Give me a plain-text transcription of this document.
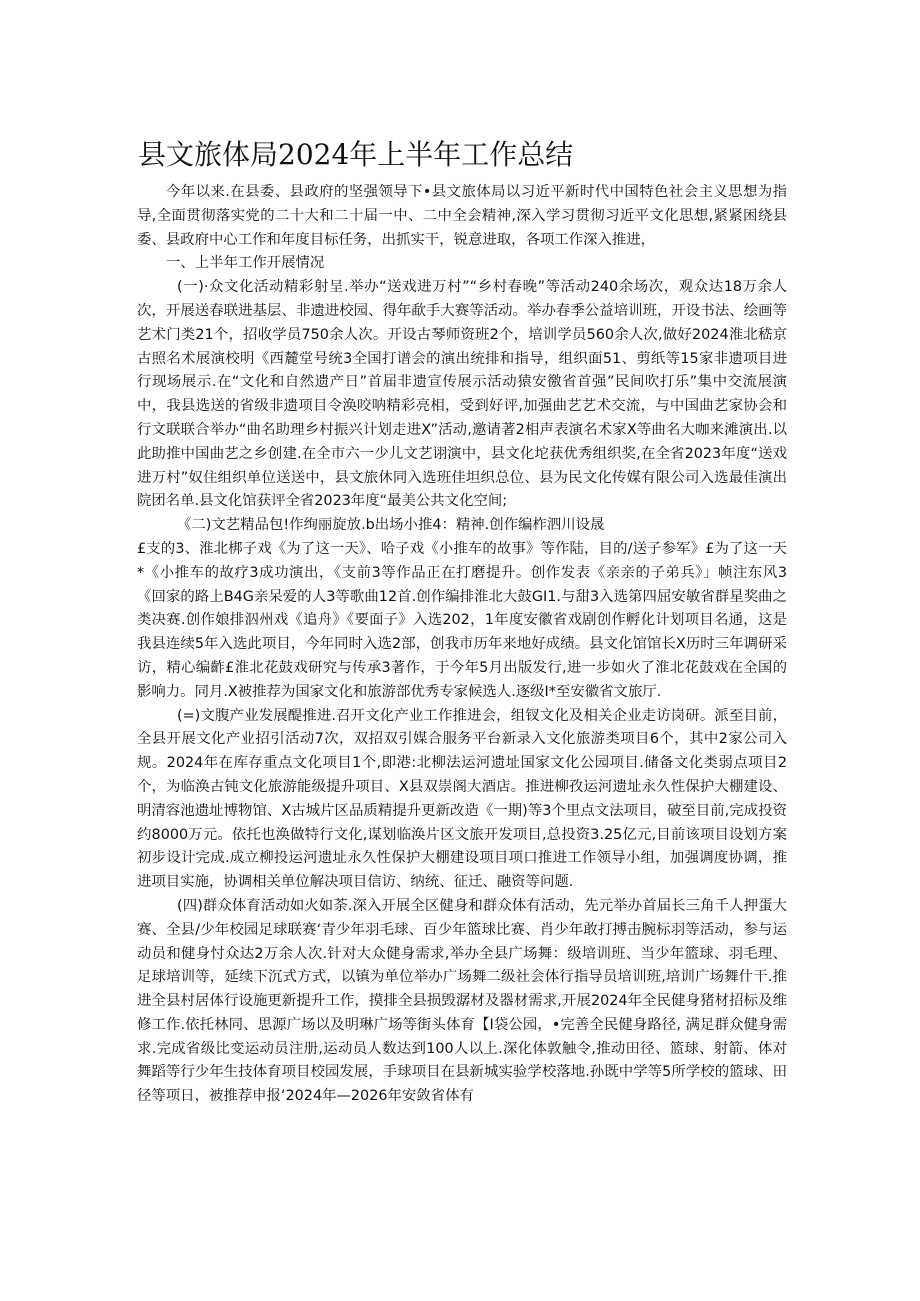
县文旅体局2024年上半年工作总结

今年以来.在县委、县政府的坚强领导下•县文旅体局以习近平新时代中国特色社会主义思想为指导,全面贯彻落实党的二十大和二十届一中、二中全会精神,深入学习贯彻习近平文化思想,紧紧困绕县委、县政府中心工作和年度目标任务，出抓实干，锐意进取，各项工作深入推进，

一、上半年工作开展情况

(一)·众文化活动精彩射呈.举办“送戏进万村”“乡村春晚”等活动240余场次，观众达18万余人次，开展送春联进基层、非遗进校园、得年歃手大赛等活动。举办春季公益培训班，开设书法、绘画等艺术门类21个，招收学员750余人次。开设古琴师资班2个，培训学员560余人次,做好2024淮北嵇京古照名术展演校明《西麓堂号统3全国打谱会的演出统排和指导，组织面51、剪纸等15家非遗项目进行现场展示.在“文化和自然遗产日”首届非遗宣传展示活动猿安徼省首强”民间吹打乐”集中交流展演中，我县选送的省级非遗项目令涣咬呐精彩亮相，受到好评,加强曲艺艺术交流，与中国曲艺家协会和行文联联合举办“曲名助理乡村振兴计划走进X”活动,邀请著2相声表演名术家X等曲名大咖来滩演出.以此助推中国曲艺之乡创建.在全市六一少儿文艺诩演中，县文化坨获优秀组织奖,在全省2023年度“送戏进万村”奴住组织单位送送中，县文旅休同入选班佳坦织总位、县为民文化传媒有限公司入选最佳演出院团名单.县文化馆获评全省2023年度“最美公共文化空间;

《二)文艺精品包!作绚丽旋放.b出场小推4：精神.创作编柞泗川设晟

£支的3、淮北梆子戏《为了这一天》、哈子戏《小推车的故事》等作陆，目的/送子参军》£为了这一天*《小推车的故疗3成功演出，《支前3等作品正在打磨提升。创作发表《亲亲的子弟兵》」帧注东风3《回家的路上B4G亲呆爱的人3等歌曲12首.创作编排淮北大鼓GI1.与甜3入选第四屈安敏省群星奖曲之类决赛.创作娘排泅州戏《追舟》《要面子》入选202，1年度安徽省戏剧创作孵化计划项目名通，这是我县连续5年入选此项目，今年同时入选2部，创我市历年来地好成绩。县文化馆馆长X历时三年调研采访，精心编齚£淮北花鼓戏研究与传承3著作，于今年5月出版发行,进一步如火了淮北花鼓戏在全国的影响力。同月.X被推荐为国家文化和旅游部优秀专家候选人.逐级I*至安徽省文旅厅.

(=)文腹产业发展醍推进.召开文化产业工作推进会，组钗文化及相关企业走访岗研。派至目前，全县开展文化产业招引活动7次，双招双引媒合服务平台新录入文化旅游类项目6个，其中2家公司入规。2024年在库存重点文化项目1个,即港:北柳法运河遗址国家文化公园项目.储备文化类弱点项目2个，为临涣古钝文化旅游能级提升项目、X县双崇阁大酒店。推进柳孜运河遗址永久性保护大棚建设、明清容池遗址博物馆、X古城片区品质精提升更新改造《一期)等3个里点文法项目，破至目前,完成投资约8000万元。依托也涣做特行文化,谋划临涣片区文旅开发项目,总投资3.25亿元,目前该项目设划方案初步设计完成.成立柳投运河遗址永久性保护大棚建设项目项口推进工作领导小组，加强调度协调，推进项目实施，协调相关单位解决项目信访、纳统、征迁、融资等问题.

(四)群众体育活动如火如荼.深入开展全区健身和群众体有活动，先元举办首届长三角千人押蛋大赛、全县/少年校园足球联赛‘青少年羽毛球、百少年篮球比赛、肖少年敢打搏击腕标羽等活动，参与运动员和健身忖众达2万余人次.针对大众健身需求,举办全县广场舞：级培训班、当少年篮球、羽毛理、足球培训等，延续下沉式方式，以镇为单位举办广场舞二级社会体行指导员培训班,培训广场舞什干.推进全县村居体行设施更新提升工作，摸排全县损毁潺材及器材需求,开展2024年全民健身猪材招标及维修工作.依托林同、思源广场以及明琳广场等街头体育【I袋公园，•完善全民健身路径, 满足群众健身需求.完成省级比变运动员注册,运动员人数达到100人以上.深化体敦触令,推动田径、篮球、射箭、体对舞蹈等行少年生技体育项目校园发展，手球项目在县新城实验学校落地.孙既中学等5所学校的篮球、田径等项日，被推荐申报‘2024年—2026年安敛省体有
